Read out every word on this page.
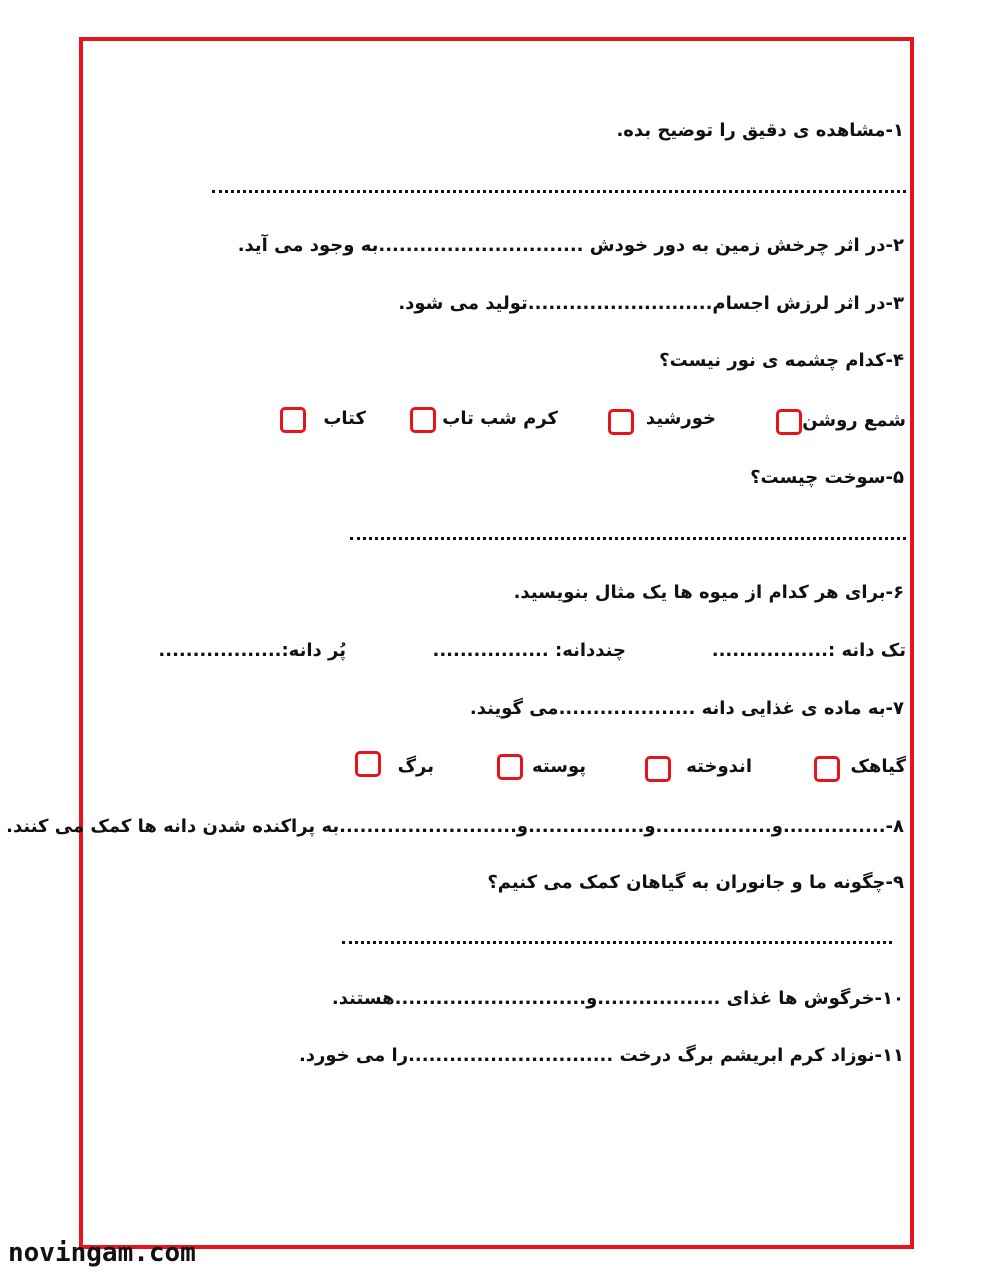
۱-مشاهده ی دقیق را توضیح بده.
۲-در اثر چرخش زمین به دور خودش ..............................به وجود می آید.
۳-در اثر لرزش اجسام...........................تولید می شود.
۴-کدام چشمه ی نور نیست؟
شمع روشن
خورشید
کرم شب تاب
کتاب
۵-سوخت چیست؟
۶-برای هر کدام از میوه ها یک مثال بنویسید.
تک دانه :.................
چنددانه: .................
پُر دانه:..................
۷-به ماده ی غذایی دانه ....................می گویند.
گیاهک
اندوخته
پوسته
برگ
۸-...............و.................و.................و..........................به پراکنده شدن دانه ها کمک می کنند.
۹-چگونه ما و جانوران به گیاهان کمک می کنیم؟
۱۰-خرگوش ها غذای ..................و............................هستند.
۱۱-نوزاد کرم ابریشم برگ درخت ..............................را می خورد.
novingam.com
